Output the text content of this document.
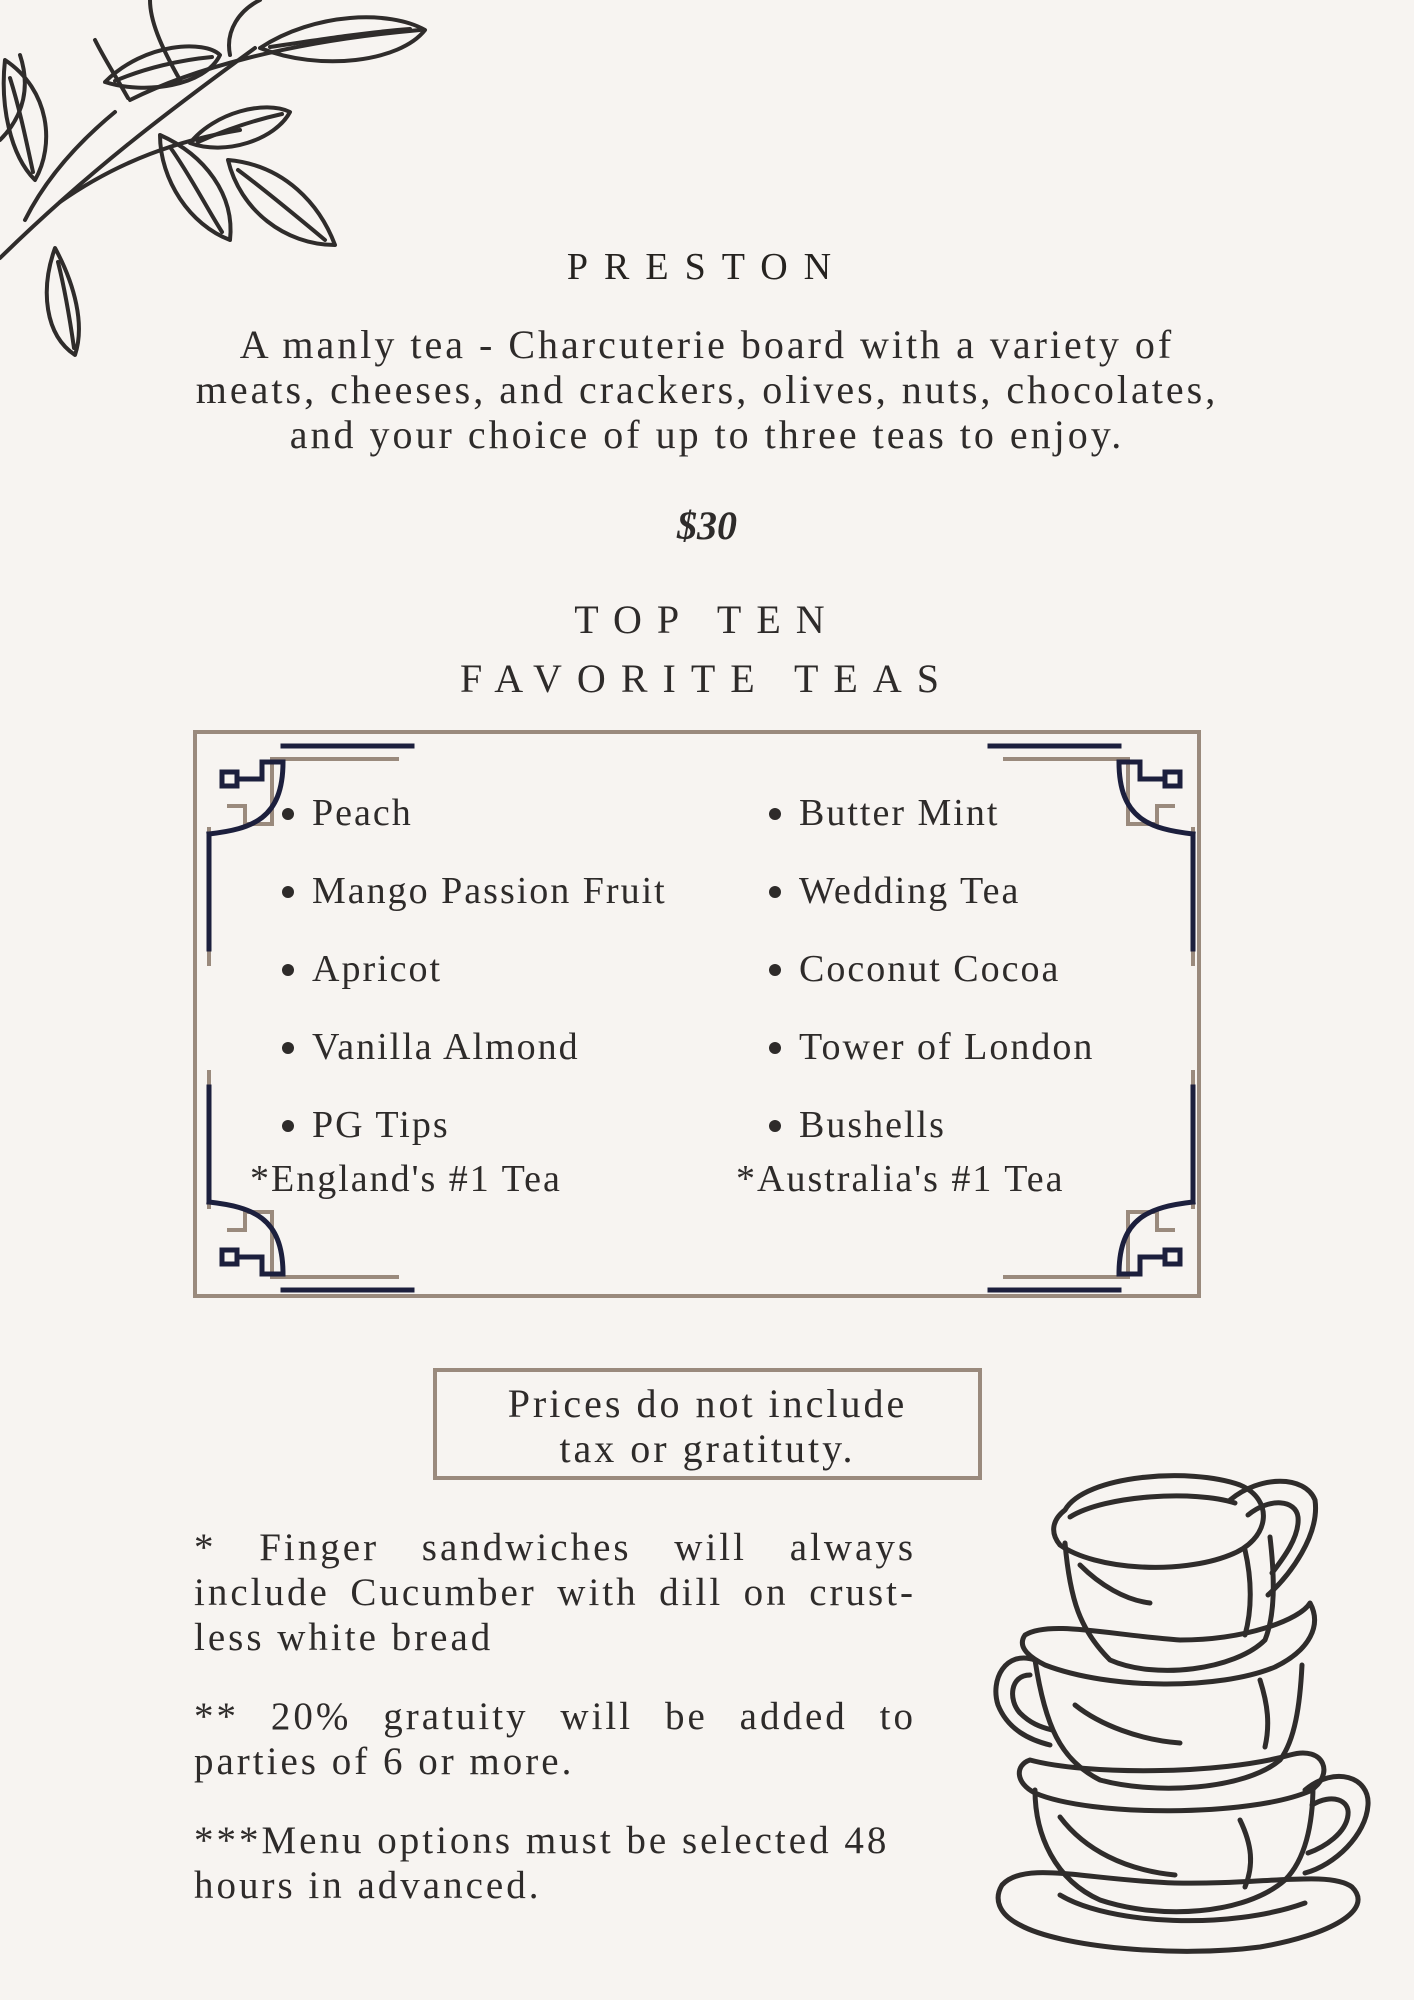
PRESTON
A manly tea - Charcuterie board with a variety of meats, cheeses, and crackers, olives, nuts, chocolates, and your choice of up to three teas to enjoy.
$30
TOP TEN
FAVORITE TEAS
Peach
Mango Passion Fruit
Apricot
Vanilla Almond
PG Tips
*England's #1 Tea
Butter Mint
Wedding Tea
Coconut Cocoa
Tower of London
Bushells
*Australia's #1 Tea
Prices do not include
tax or gratituty.

* Finger sandwiches will always include Cucumber with dill on crust-less white bread

** 20% gratuity will be added to parties of 6 or more.

***Menu options must be selected 48 hours in advanced.
